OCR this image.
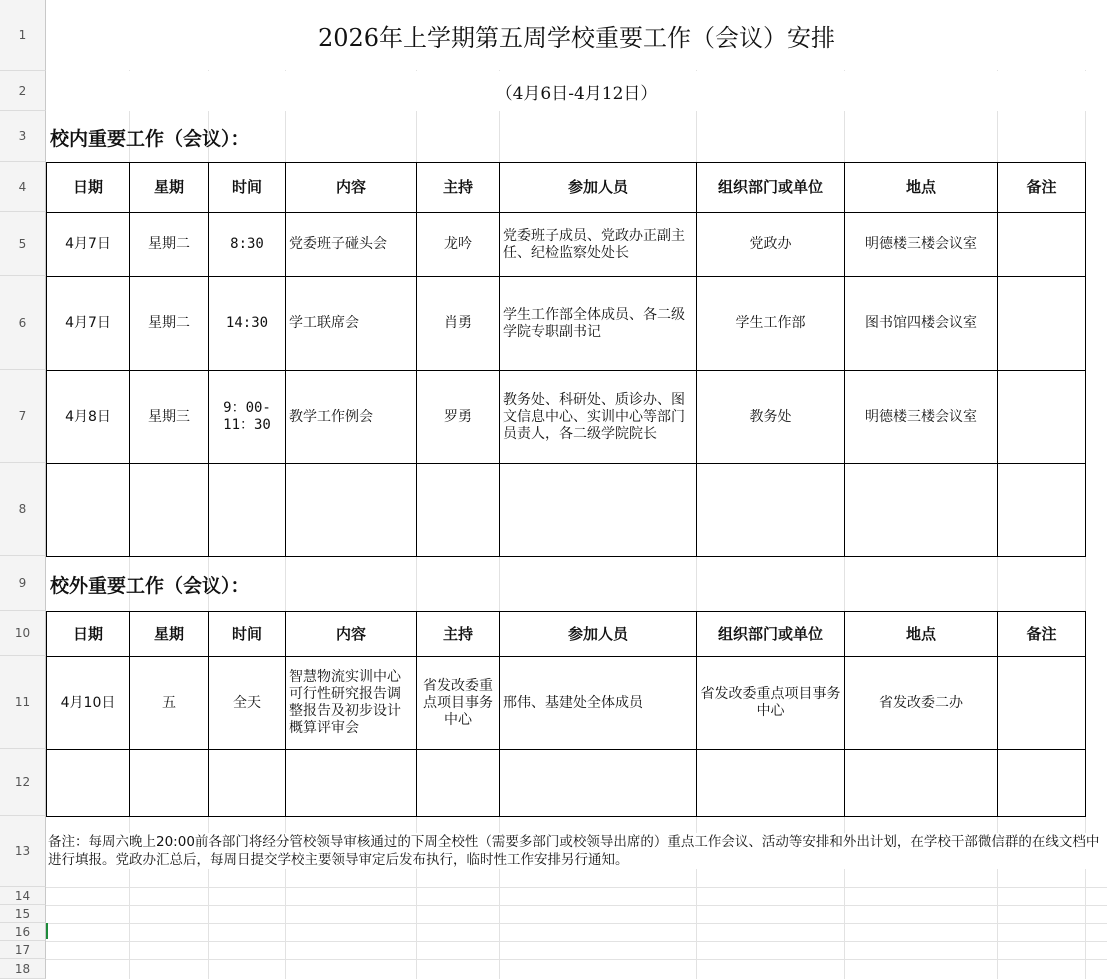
1
2
3
4
5
6
7
8
9
10
11
12
13
14
15
16
17
18
2026年上学期第五周学校重要工作（会议）安排
（4月6日-4月12日）
校内重要工作（会议）：
日期	星期	时间	内容	主持	参加人员	组织部门或单位	地点	备注
4月7日	星期二	8:30	党委班子碰头会	龙吟	党委班子成员、党政办正副主任、纪检监察处处长	党政办	明德楼三楼会议室	
4月7日	星期二	14:30	学工联席会	肖勇	学生工作部全体成员、各二级学院专职副书记	学生工作部	图书馆四楼会议室	
4月8日	星期三	9：00-11：30	教学工作例会	罗勇	教务处、科研处、质诊办、图文信息中心、实训中心等部门员责人，各二级学院院长	教务处	明德楼三楼会议室	

校外重要工作（会议）：
日期	星期	时间	内容	主持	参加人员	组织部门或单位	地点	备注
4月10日	五	全天	智慧物流实训中心可行性研究报告调整报告及初步设计概算评审会	省发改委重点项目事务中心	邢伟、基建处全体成员	省发改委重点项目事务中心	省发改委二办	

备注：每周六晚上20:00前各部门将经分管校领导审核通过的下周全校性（需要多部门或校领导出席的）重点工作会议、活动等安排和外出计划，在学校干部微信群的在线文档中进行填报。党政办汇总后，每周日提交学校主要领导审定后发布执行，临时性工作安排另行通知。
